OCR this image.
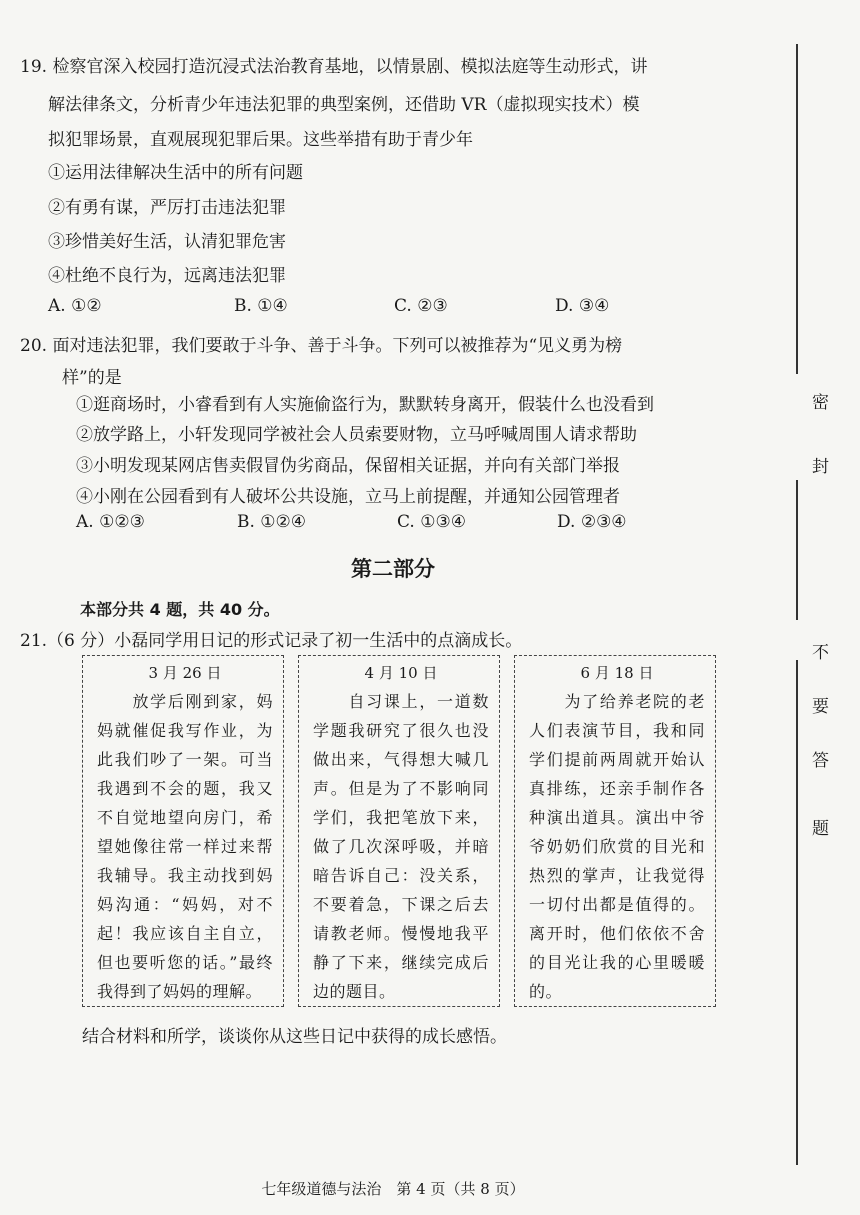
密
封
不
要
答
题
19. 检察官深入校园打造沉浸式法治教育基地，以情景剧、模拟法庭等生动形式，讲
解法律条文，分析青少年违法犯罪的典型案例，还借助 VR（虚拟现实技术）模
拟犯罪场景，直观展现犯罪后果。这些举措有助于青少年
①运用法律解决生活中的所有问题
②有勇有谋，严厉打击违法犯罪
③珍惜美好生活，认清犯罪危害
④杜绝不良行为，远离违法犯罪
A. ①②	B. ①④	C. ②③	D. ③④
20. 面对违法犯罪，我们要敢于斗争、善于斗争。下列可以被推荐为“见义勇为榜
样”的是
①逛商场时，小睿看到有人实施偷盗行为，默默转身离开，假装什么也没看到
②放学路上，小轩发现同学被社会人员索要财物，立马呼喊周围人请求帮助
③小明发现某网店售卖假冒伪劣商品，保留相关证据，并向有关部门举报
④小刚在公园看到有人破坏公共设施，立马上前提醒，并通知公园管理者
A. ①②③	B. ①②④	C. ①③④	D. ②③④
第二部分
本部分共 4 题，共 40 分。
21.（6 分）小磊同学用日记的形式记录了初一生活中的点滴成长。
3 月 26 日
　　放学后刚到家，妈妈就催促我写作业，为此我们吵了一架。可当我遇到不会的题，我又不自觉地望向房门，希望她像往常一样过来帮我辅导。我主动找到妈妈沟通：“妈妈，对不起！我应该自主自立，但也要听您的话。”最终我得到了妈妈的理解。
4 月 10 日
　　自习课上，一道数学题我研究了很久也没做出来，气得想大喊几声。但是为了不影响同学们，我把笔放下来，做了几次深呼吸，并暗暗告诉自己：没关系，不要着急，下课之后去请教老师。慢慢地我平静了下来，继续完成后边的题目。
6 月 18 日
　　为了给养老院的老人们表演节目，我和同学们提前两周就开始认真排练，还亲手制作各种演出道具。演出中爷爷奶奶们欣赏的目光和热烈的掌声，让我觉得一切付出都是值得的。离开时，他们依依不舍的目光让我的心里暖暖的。
结合材料和所学，谈谈你从这些日记中获得的成长感悟。
七年级道德与法治　第 4 页（共 8 页）
